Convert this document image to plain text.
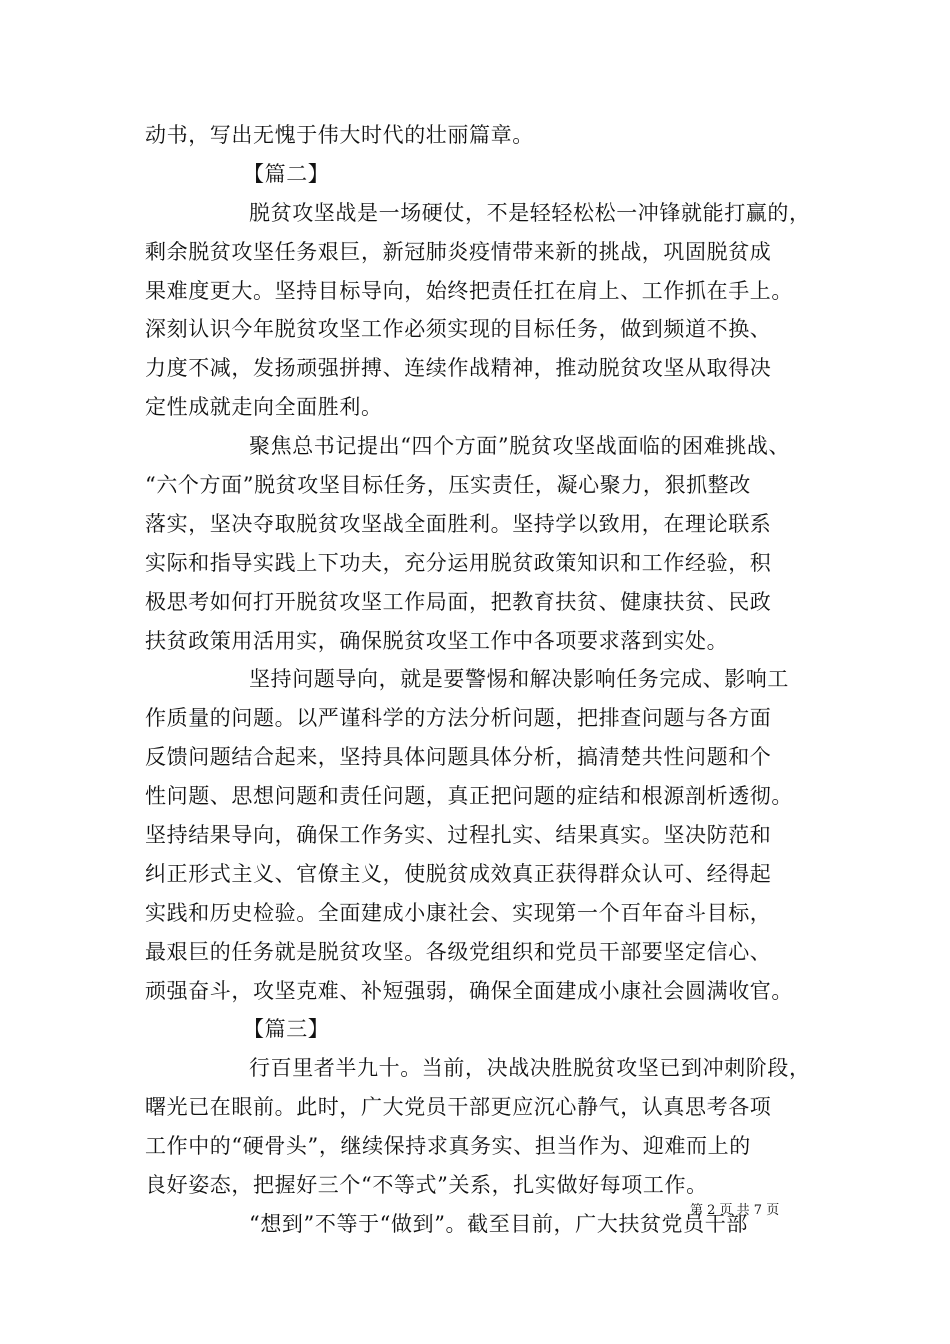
动书，写出无愧于伟大时代的壮丽篇章。
【篇二】
脱贫攻坚战是一场硬仗，不是轻轻松松一冲锋就能打赢的，
剩余脱贫攻坚任务艰巨，新冠肺炎疫情带来新的挑战，巩固脱贫成
果难度更大。坚持目标导向，始终把责任扛在肩上、工作抓在手上。
深刻认识今年脱贫攻坚工作必须实现的目标任务，做到频道不换、
力度不减，发扬顽强拼搏、连续作战精神，推动脱贫攻坚从取得决
定性成就走向全面胜利。
聚焦总书记提出“四个方面”脱贫攻坚战面临的困难挑战、
“六个方面”脱贫攻坚目标任务，压实责任，凝心聚力，狠抓整改
落实，坚决夺取脱贫攻坚战全面胜利。坚持学以致用，在理论联系
实际和指导实践上下功夫，充分运用脱贫政策知识和工作经验，积
极思考如何打开脱贫攻坚工作局面，把教育扶贫、健康扶贫、民政
扶贫政策用活用实，确保脱贫攻坚工作中各项要求落到实处。
坚持问题导向，就是要警惕和解决影响任务完成、影响工
作质量的问题。以严谨科学的方法分析问题，把排查问题与各方面
反馈问题结合起来，坚持具体问题具体分析，搞清楚共性问题和个
性问题、思想问题和责任问题，真正把问题的症结和根源剖析透彻。
坚持结果导向，确保工作务实、过程扎实、结果真实。坚决防范和
纠正形式主义、官僚主义，使脱贫成效真正获得群众认可、经得起
实践和历史检验。全面建成小康社会、实现第一个百年奋斗目标，
最艰巨的任务就是脱贫攻坚。各级党组织和党员干部要坚定信心、
顽强奋斗，攻坚克难、补短强弱，确保全面建成小康社会圆满收官。
【篇三】
行百里者半九十。当前，决战决胜脱贫攻坚已到冲刺阶段，
曙光已在眼前。此时，广大党员干部更应沉心静气，认真思考各项
工作中的“硬骨头”，继续保持求真务实、担当作为、迎难而上的
良好姿态，把握好三个“不等式”关系，扎实做好每项工作。
“想到”不等于“做到”。截至目前，广大扶贫党员干部
第 2 页 共 7 页
